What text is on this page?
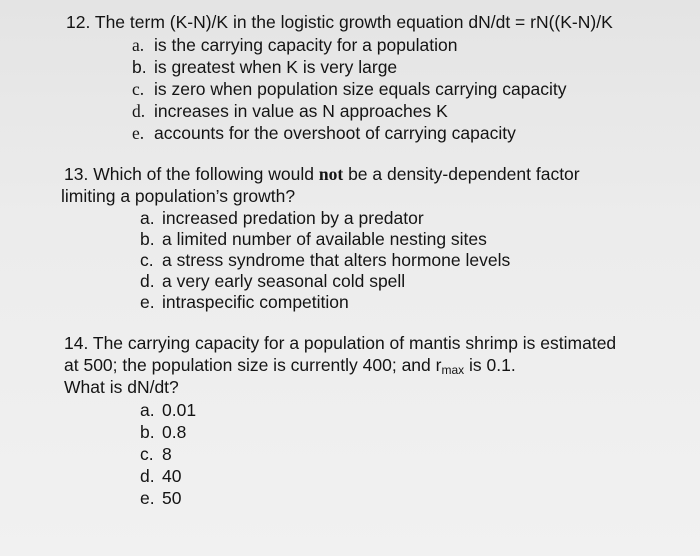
12. The term (K-N)/K in the logistic growth equation dN/dt = rN((K-N)/K
a. is the carrying capacity for a population
b. is greatest when K is very large
c. is zero when population size equals carrying capacity
d. increases in value as N approaches K
e. accounts for the overshoot of carrying capacity
13. Which of the following would not be a density-dependent factor
limiting a population’s growth?
a. increased predation by a predator
b. a limited number of available nesting sites
c. a stress syndrome that alters hormone levels
d. a very early seasonal cold spell
e. intraspecific competition
14. The carrying capacity for a population of mantis shrimp is estimated
at 500; the population size is currently 400; and rmax is 0.1.
What is dN/dt?
a. 0.01
b. 0.8
c. 8
d. 40
e. 50
